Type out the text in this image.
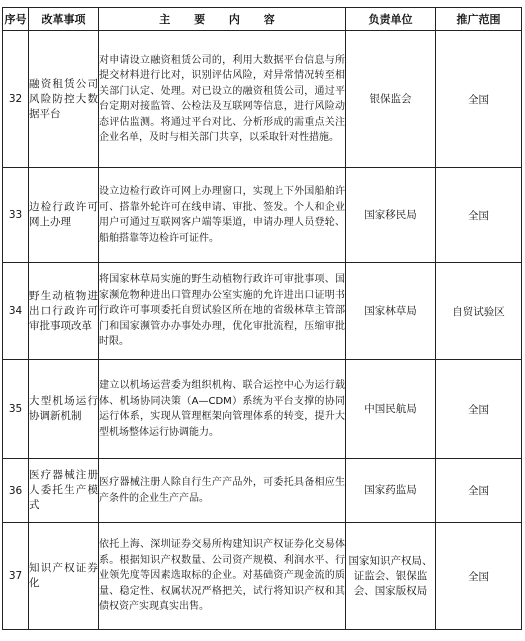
序号	改革事项	主 要 内 容	负责单位	推广范围
32	融资租赁公司风险防控大数据平台	对申请设立融资租赁公司的，利用大数据平台信息与所提交材料进行比对，识别评估风险，对异常情况转至相关部门认定、处理。对已设立的融资租赁公司，通过平台定期对接监管、公检法及互联网等信息，进行风险动态评估监测。将通过平台对比、分析形成的需重点关注企业名单，及时与相关部门共享，以采取针对性措施。	银保监会	全国
33	边检行政许可网上办理	设立边检行政许可网上办理窗口，实现上下外国船舶许可、搭靠外轮许可在线申请、审批、签发。个人和企业用户可通过互联网客户端等渠道，申请办理人员登轮、船舶搭靠等边检许可证件。	国家移民局	全国
34	野生动植物进出口行政许可审批事项改革	将国家林草局实施的野生动植物行政许可审批事项、国家濒危物种进出口管理办公室实施的允许进出口证明书行政许可事项委托自贸试验区所在地的省级林草主管部门和国家濒管办办事处办理，优化审批流程，压缩审批时限。	国家林草局	自贸试验区
35	大型机场运行协调新机制	建立以机场运营委为组织机构、联合运控中心为运行载体、机场协同决策（A—CDM）系统为平台支撑的协同运行体系，实现从管理框架向管理体系的转变，提升大型机场整体运行协调能力。	中国民航局	全国
36	医疗器械注册人委托生产模式	医疗器械注册人除自行生产产品外，可委托具备相应生产条件的企业生产产品。	国家药监局	全国
37	知识产权证券化	依托上海、深圳证券交易所构建知识产权证券化交易体系。根据知识产权数量、公司资产规模、利润水平、行业领先度等因素选取标的企业。对基础资产现金流的质量、稳定性、权属状况严格把关，试行将知识产权和其债权资产实现真实出售。	国家知识产权局、证监会、银保监会、国家版权局	全国
